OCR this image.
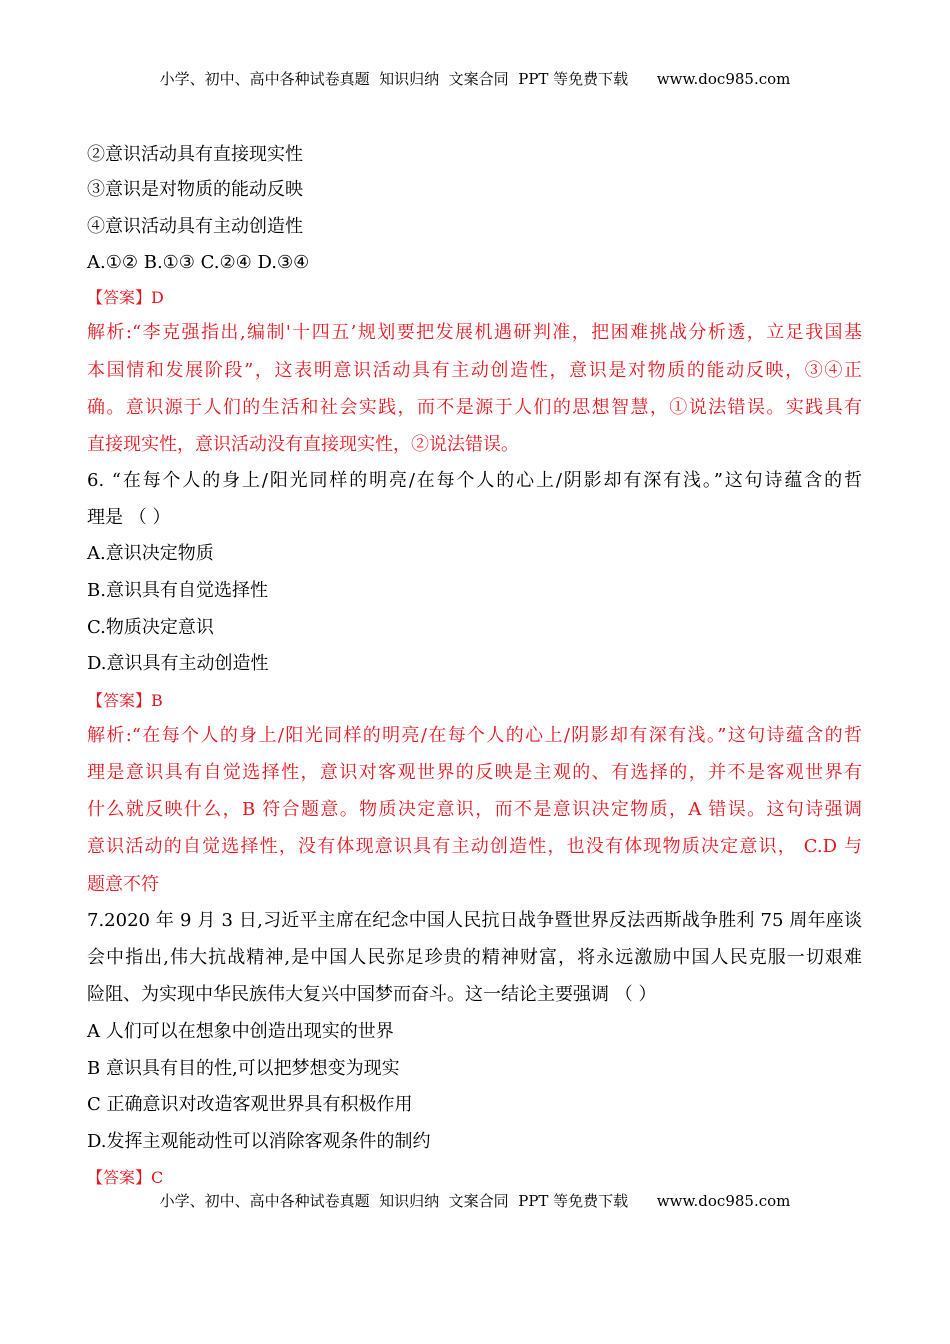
小学、初中、高中各种试卷真题  知识归纳  文案合同  PPT 等免费下载      www.doc985.com
②意识活动具有直接现实性
③意识是对物质的能动反映
④意识活动具有主动创造性
A.①② B.①③ C.②④ D.③④
【答案】D
解析:“李克强指出,编制'十四五’规划要把发展机遇研判准，把困难挑战分析透，立足我国基
本国情和发展阶段”，这表明意识活动具有主动创造性，意识是对物质的能动反映，③④正
确。意识源于人们的生活和社会实践，而不是源于人们的思想智慧，①说法错误。实践具有
直接现实性，意识活动没有直接现实性，②说法错误。
6. “在每个人的身上/阳光同样的明亮/在每个人的心上/阴影却有深有浅。”这句诗蕴含的哲
理是 （ ）
A.意识决定物质
B.意识具有自觉选择性
C.物质决定意识
D.意识具有主动创造性
【答案】B
解析:“在每个人的身上/阳光同样的明亮/在每个人的心上/阴影却有深有浅。”这句诗蕴含的哲
理是意识具有自觉选择性，意识对客观世界的反映是主观的、有选择的，并不是客观世界有
什么就反映什么，B 符合题意。物质决定意识，而不是意识决定物质，A 错误。这句诗强调
意识活动的自觉选择性，没有体现意识具有主动创造性，也没有体现物质决定意识， C.D 与
题意不符
7.2020 年 9 月 3 日,习近平主席在纪念中国人民抗日战争暨世界反法西斯战争胜利 75 周年座谈
会中指出,伟大抗战精神,是中国人民弥足珍贵的精神财富，将永远激励中国人民克服一切艰难
险阻、为实现中华民族伟大复兴中国梦而奋斗。这一结论主要强调 （ ）
A 人们可以在想象中创造出现实的世界
B 意识具有目的性,可以把梦想变为现实
C 正确意识对改造客观世界具有积极作用
D.发挥主观能动性可以消除客观条件的制约
【答案】C
小学、初中、高中各种试卷真题  知识归纳  文案合同  PPT 等免费下载      www.doc985.com
